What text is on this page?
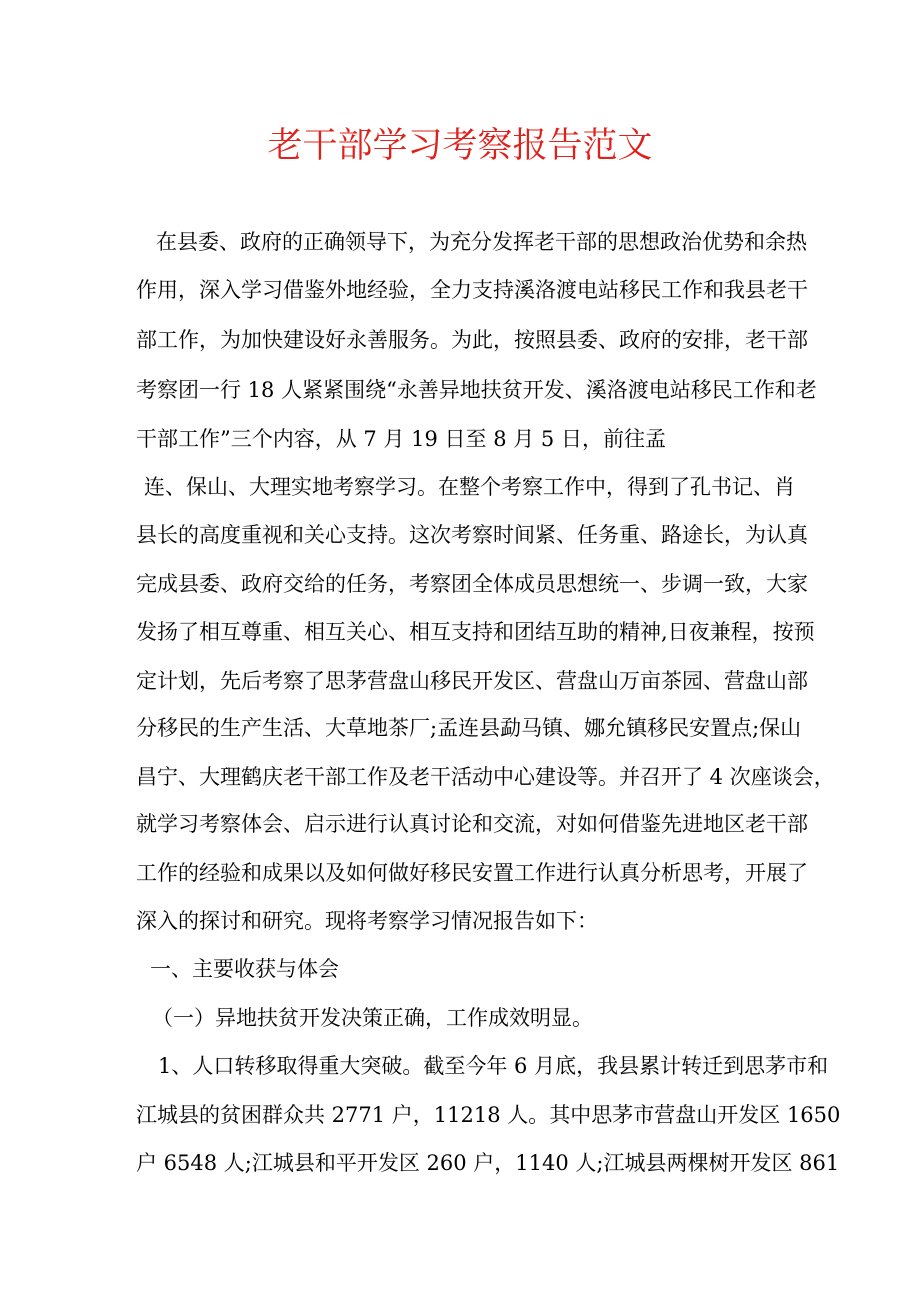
老干部学习考察报告范文
在县委、政府的正确领导下，为充分发挥老干部的思想政治优势和余热
作用，深入学习借鉴外地经验，全力支持溪洛渡电站移民工作和我县老干
部工作，为加快建设好永善服务。为此，按照县委、政府的安排，老干部
考察团一行 18 人紧紧围绕“永善异地扶贫开发、溪洛渡电站移民工作和老
干部工作”三个内容，从 7 月 19 日至 8 月 5 日，前往孟
连、保山、大理实地考察学习。在整个考察工作中，得到了孔书记、肖
县长的高度重视和关心支持。这次考察时间紧、任务重、路途长，为认真
完成县委、政府交给的任务，考察团全体成员思想统一、步调一致，大家
发扬了相互尊重、相互关心、相互支持和团结互助的精神,日夜兼程，按预
定计划，先后考察了思茅营盘山移民开发区、营盘山万亩茶园、营盘山部
分移民的生产生活、大草地茶厂;孟连县勐马镇、娜允镇移民安置点;保山
昌宁、大理鹤庆老干部工作及老干活动中心建设等。并召开了 4 次座谈会，
就学习考察体会、启示进行认真讨论和交流，对如何借鉴先进地区老干部
工作的经验和成果以及如何做好移民安置工作进行认真分析思考，开展了
深入的探讨和研究。现将考察学习情况报告如下：
一、主要收获与体会
（一）异地扶贫开发决策正确，工作成效明显。
1、人口转移取得重大突破。截至今年 6 月底，我县累计转迁到思茅市和
江城县的贫困群众共 2771 户，11218 人。其中思茅市营盘山开发区 1650
户 6548 人;江城县和平开发区 260 户，1140 人;江城县两棵树开发区 861
